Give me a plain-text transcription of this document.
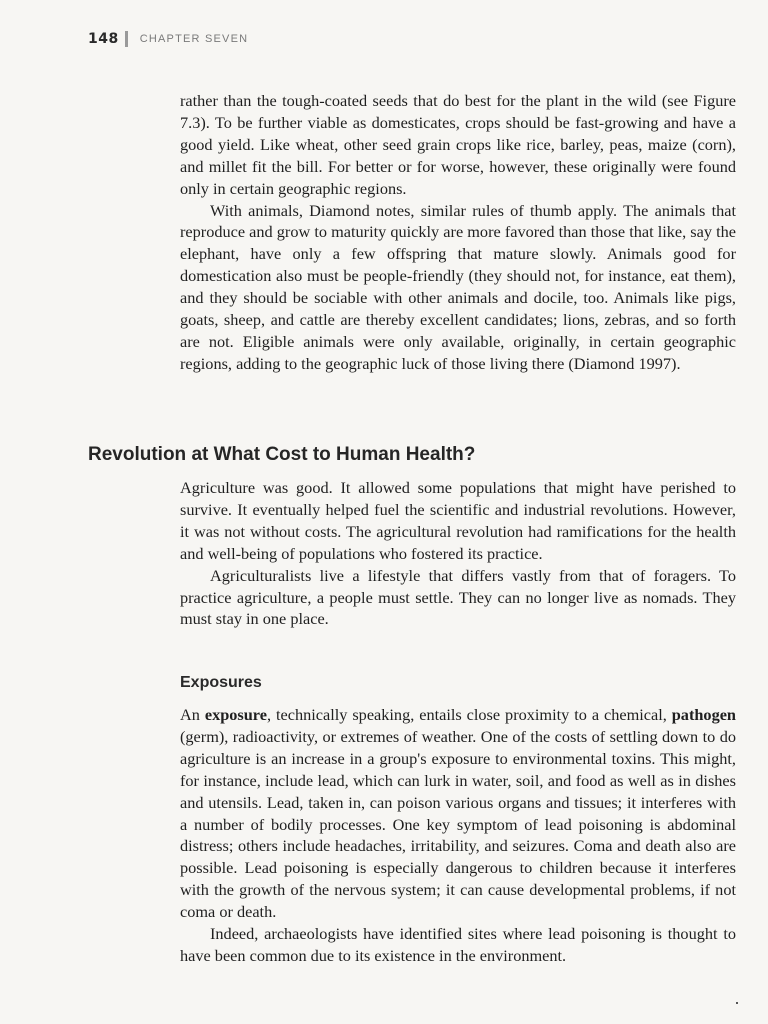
148 CHAPTER SEVEN

rather than the tough-coated seeds that do best for the plant in the wild (see Figure 7.3). To be further viable as domesticates, crops should be fast-growing and have a good yield. Like wheat, other seed grain crops like rice, barley, peas, maize (corn), and millet fit the bill. For better or for worse, however, these originally were found only in certain geographic regions.

With animals, Diamond notes, similar rules of thumb apply. The animals that reproduce and grow to maturity quickly are more favored than those that like, say the elephant, have only a few offspring that mature slowly. Animals good for domestication also must be people-friendly (they should not, for instance, eat them), and they should be sociable with other animals and docile, too. Animals like pigs, goats, sheep, and cattle are thereby excellent candidates; lions, zebras, and so forth are not. Eligible animals were only available, originally, in certain geographic regions, adding to the geographic luck of those living there (Diamond 1997).

Revolution at What Cost to Human Health?

Agriculture was good. It allowed some populations that might have perished to survive. It eventually helped fuel the scientific and industrial revolutions. However, it was not without costs. The agricultural revolution had ramifications for the health and well-being of populations who fostered its practice.

Agriculturalists live a lifestyle that differs vastly from that of foragers. To practice agriculture, a people must settle. They can no longer live as nomads. They must stay in one place.

Exposures

An exposure, technically speaking, entails close proximity to a chemical, pathogen (germ), radioactivity, or extremes of weather. One of the costs of settling down to do agriculture is an increase in a group's exposure to environmental toxins. This might, for instance, include lead, which can lurk in water, soil, and food as well as in dishes and utensils. Lead, taken in, can poison various organs and tissues; it interferes with a number of bodily processes. One key symptom of lead poisoning is abdominal distress; others include headaches, irritability, and seizures. Coma and death also are possible. Lead poisoning is especially dangerous to children because it interferes with the growth of the nervous system; it can cause developmental problems, if not coma or death.

Indeed, archaeologists have identified sites where lead poisoning is thought to have been common due to its existence in the environment.
